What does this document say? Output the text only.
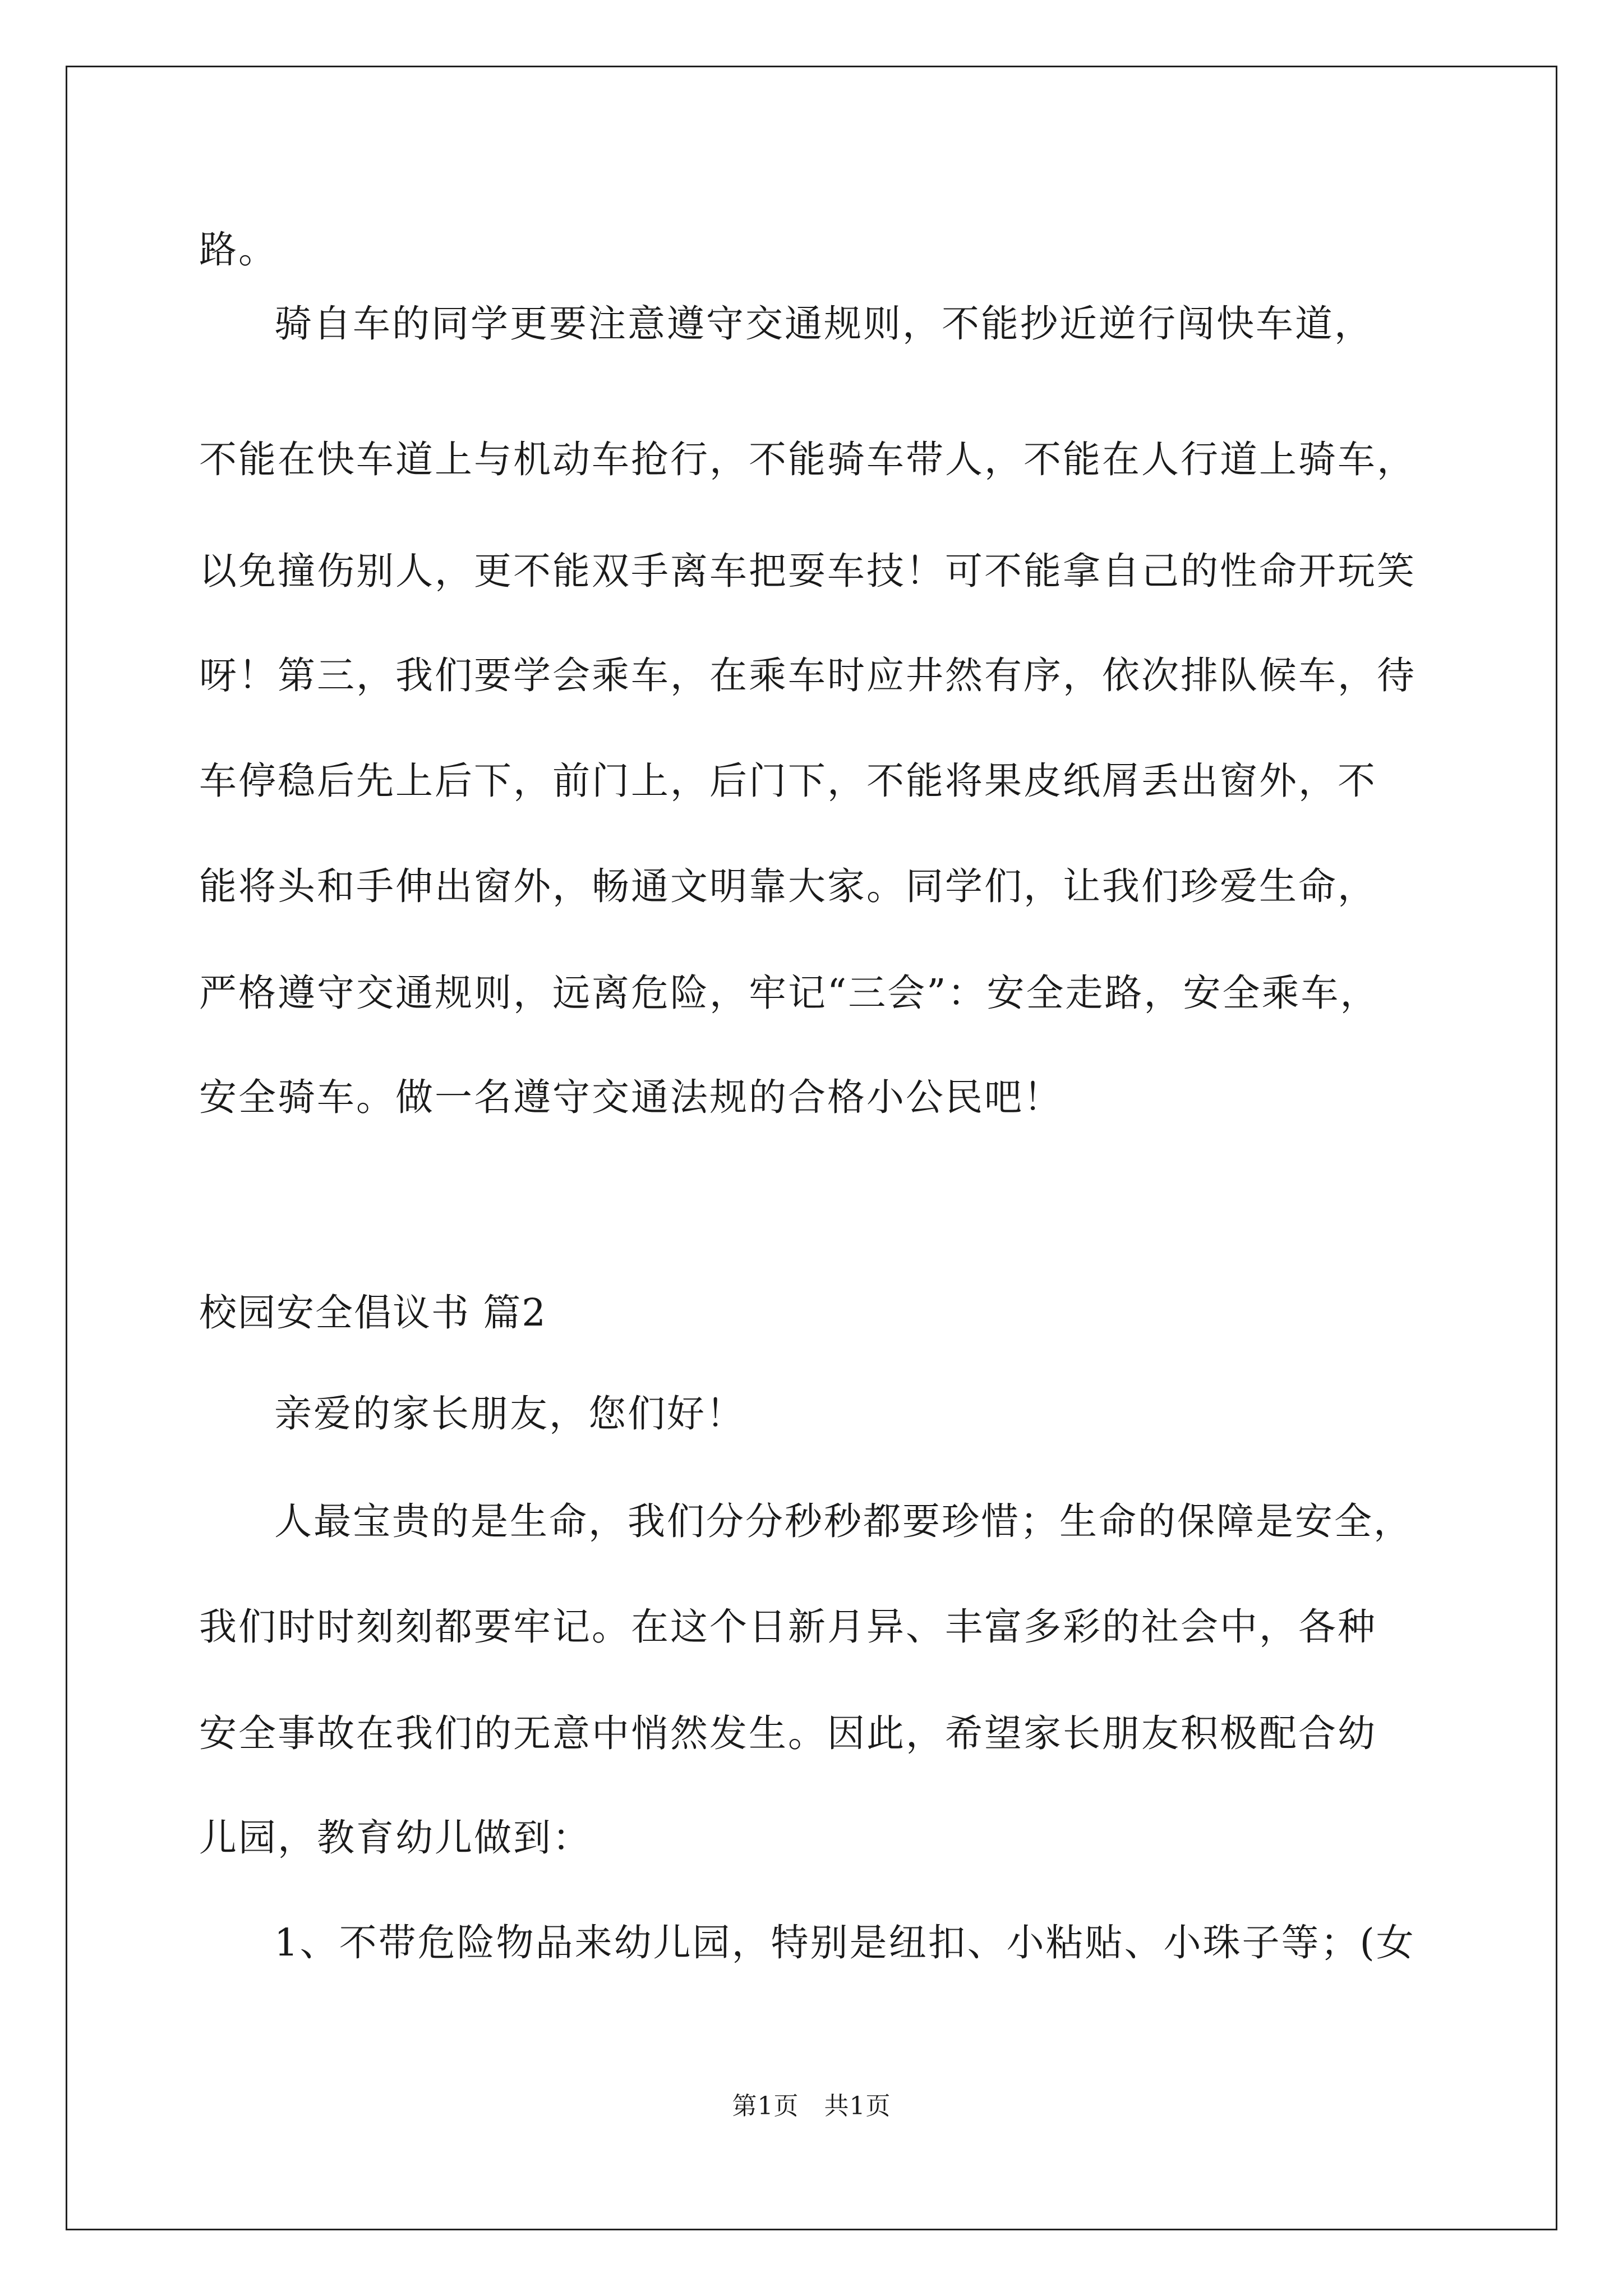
路。
骑自车的同学更要注意遵守交通规则，不能抄近逆行闯快车道，
不能在快车道上与机动车抢行，不能骑车带人，不能在人行道上骑车，
以免撞伤别人，更不能双手离车把耍车技！可不能拿自己的性命开玩笑
呀！第三，我们要学会乘车，在乘车时应井然有序，依次排队候车，待
车停稳后先上后下，前门上，后门下，不能将果皮纸屑丢出窗外，不
能将头和手伸出窗外，畅通文明靠大家。同学们，让我们珍爱生命，
严格遵守交通规则，远离危险，牢记“三会”：安全走路，安全乘车，
安全骑车。做一名遵守交通法规的合格小公民吧！
校园安全倡议书 篇2
亲爱的家长朋友，您们好！
人最宝贵的是生命，我们分分秒秒都要珍惜；生命的保障是安全，
我们时时刻刻都要牢记。在这个日新月异、丰富多彩的社会中，各种
安全事故在我们的无意中悄然发生。因此，希望家长朋友积极配合幼
儿园，教育幼儿做到：
1、不带危险物品来幼儿园，特别是纽扣、小粘贴、小珠子等；(女
第1页　共1页
